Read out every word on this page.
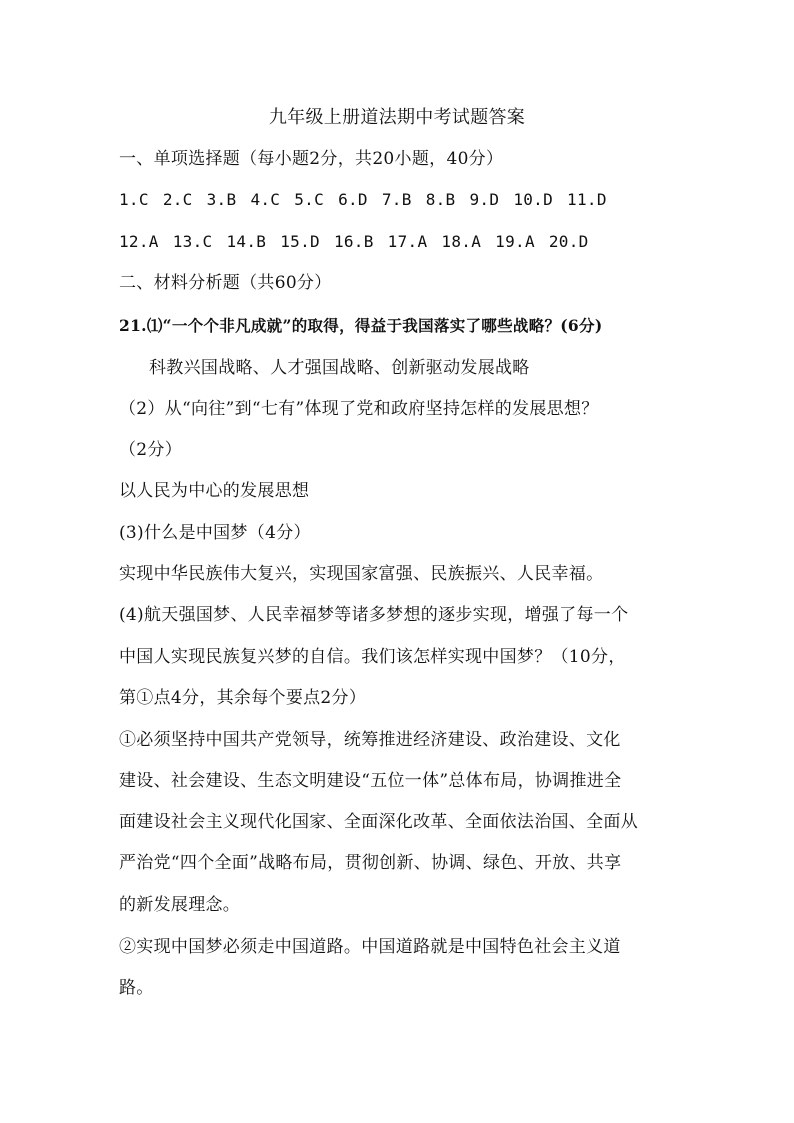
九年级上册道法期中考试题答案
一、单项选择题（每小题2分，共20小题，40分）
1.C 2.C 3.B 4.C 5.C 6.D 7.B 8.B 9.D 10.D 11.D
12.A 13.C 14.B 15.D 16.B 17.A 18.A 19.A 20.D
二、材料分析题（共60分）
21.⑴“一个个非凡成就”的取得，得益于我国落实了哪些战略？(6分)
科教兴国战略、人才强国战略、创新驱动发展战略
（2）从“向往”到“七有”体现了党和政府坚持怎样的发展思想？
（2分）
以人民为中心的发展思想
(3)什么是中国梦（4分）
实现中华民族伟大复兴，实现国家富强、民族振兴、人民幸福。
(4)航天强国梦、人民幸福梦等诸多梦想的逐步实现，增强了每一个
中国人实现民族复兴梦的自信。我们该怎样实现中国梦？（10分，
第①点4分，其余每个要点2分）
①必须坚持中国共产党领导，统筹推进经济建设、政治建设、文化
建设、社会建设、生态文明建设“五位一体”总体布局，协调推进全
面建设社会主义现代化国家、全面深化改革、全面依法治国、全面从
严治党“四个全面”战略布局，贯彻创新、协调、绿色、开放、共享
的新发展理念。
②实现中国梦必须走中国道路。中国道路就是中国特色社会主义道
路。
